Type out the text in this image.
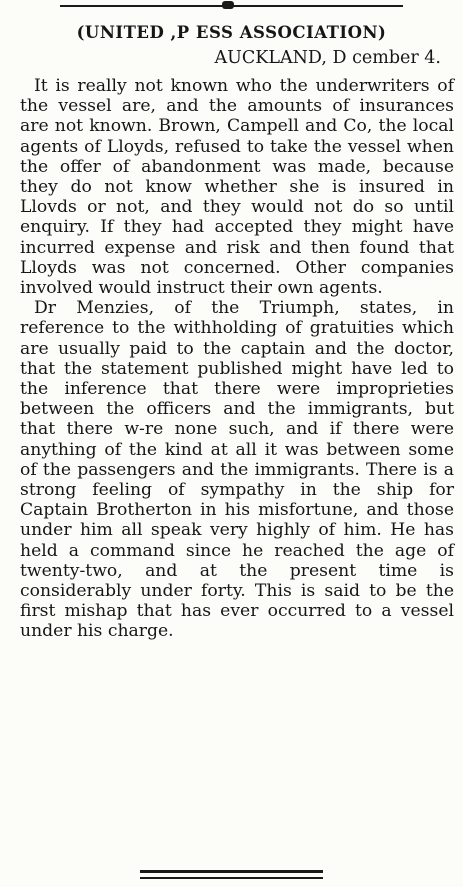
(UNITED ,P ESS ASSOCIATION)
AUCKLAND, D cember 4.

It is really not known who the underwriters of the vessel are, and the amounts of insurances are not known. Brown, Campell and Co, the local agents of Lloyds, refused to take the vessel when the offer of abandonment was made, because they do not know whether she is insured in Llovds or not, and they would not do so until enquiry. If they had accepted they might have incurred expense and risk and then found that Lloyds was not concerned. Other companies involved would instruct their own agents.

Dr Menzies, of the Triumph, states, in reference to the withholding of gratuities which are usually paid to the captain and the doctor, that the statement published might have led to the inference that there were improprieties between the officers and the immigrants, but that there w-re none such, and if there were anything of the kind at all it was between some of the passengers and the immigrants. There is a strong feeling of sympathy in the ship for Captain Brotherton in his misfortune, and those under him all speak very highly of him. He has held a command since he reached the age of twenty-two, and at the present time is considerably under forty. This is said to be the first mishap that has ever occurred to a vessel under his charge.
